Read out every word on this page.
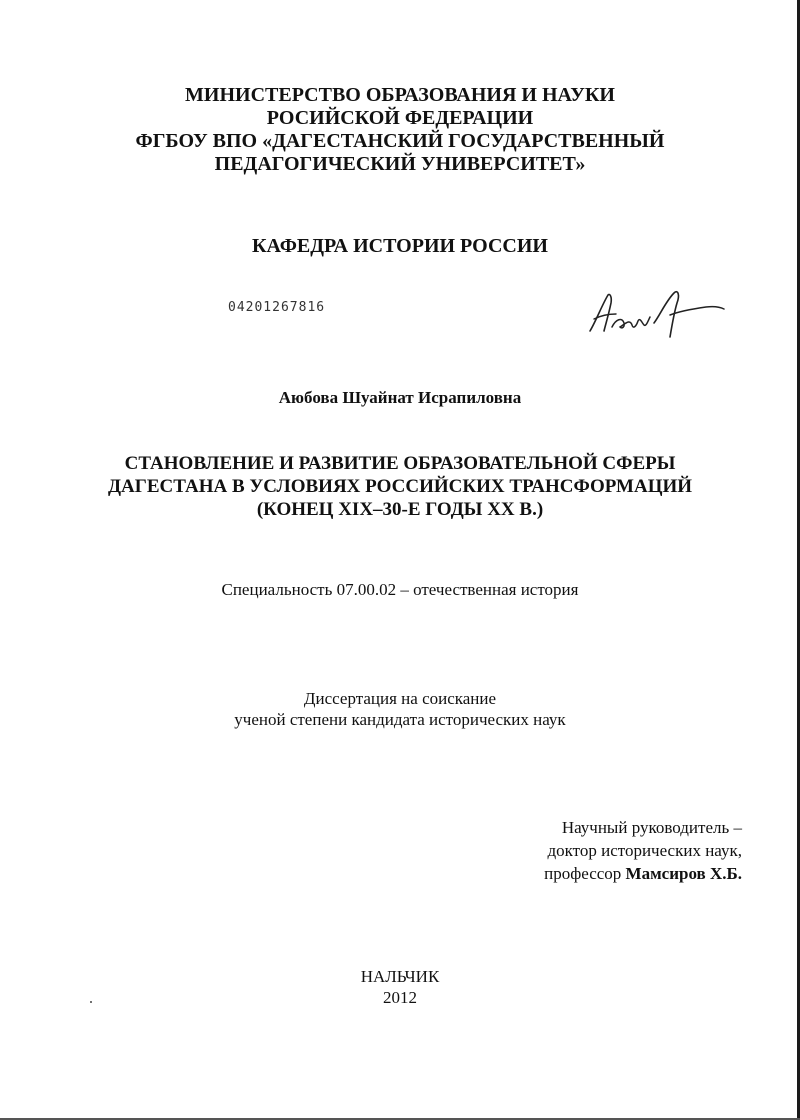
МИНИСТЕРСТВО ОБРАЗОВАНИЯ И НАУКИ
РОСИЙСКОЙ ФЕДЕРАЦИИ
ФГБОУ ВПО «ДАГЕСТАНСКИЙ ГОСУДАРСТВЕННЫЙ
ПЕДАГОГИЧЕСКИЙ УНИВЕРСИТЕТ»
КАФЕДРА ИСТОРИИ РОССИИ
04201267816
Аюбова Шуайнат Исрапиловна
СТАНОВЛЕНИЕ И РАЗВИТИЕ ОБРАЗОВАТЕЛЬНОЙ СФЕРЫ
ДАГЕСТАНА В УСЛОВИЯХ РОССИЙСКИХ ТРАНСФОРМАЦИЙ
(КОНЕЦ XIX–30-Е ГОДЫ XX В.)
Специальность 07.00.02 – отечественная история
Диссертация на соискание
ученой степени кандидата исторических наук
Научный руководитель –
доктор исторических наук,
профессор Мамсиров Х.Б.
НАЛЬЧИК
2012
